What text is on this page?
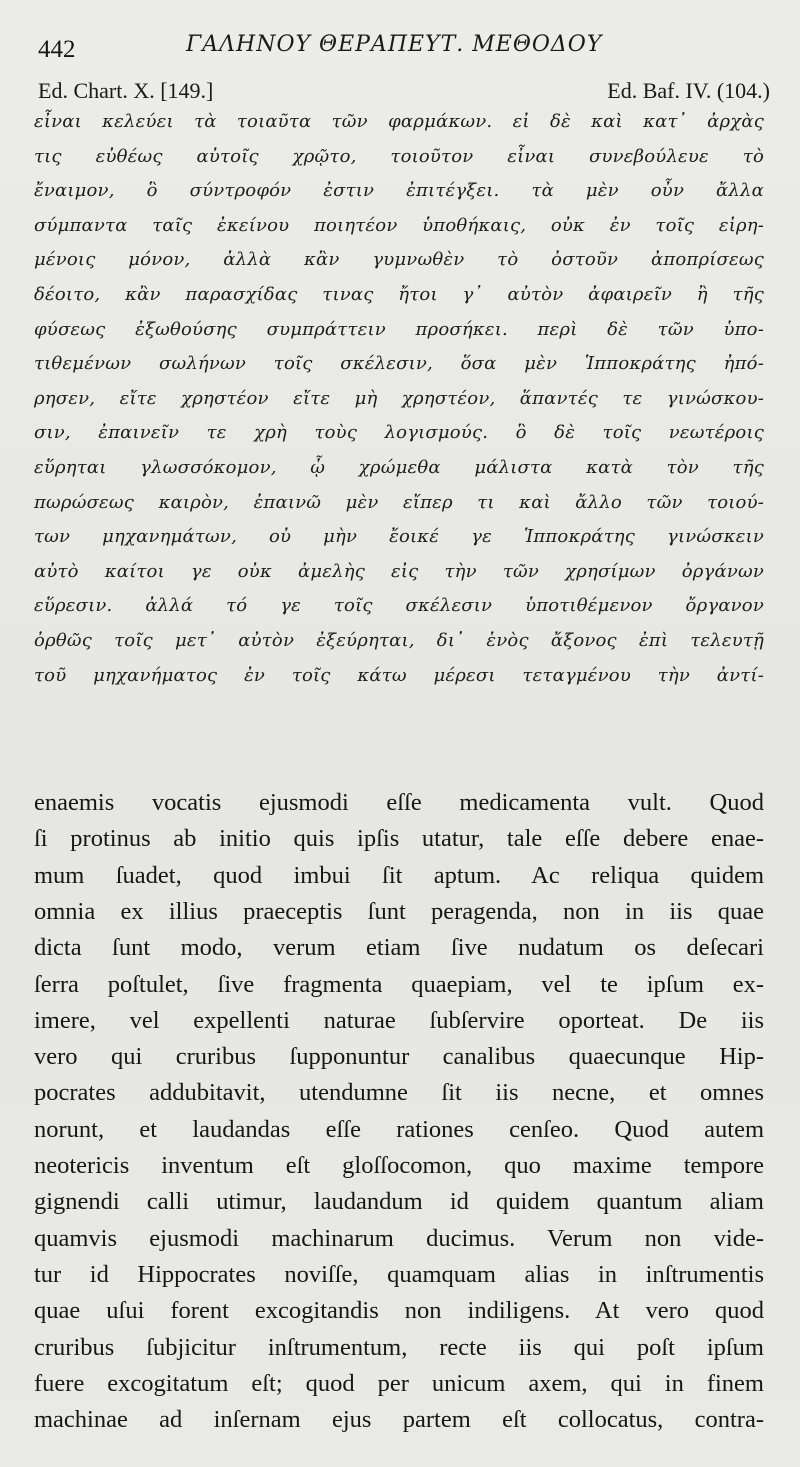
442	ΓΑΛΗΝΟΥ ΘΕΡΑΠΕΥΤ. ΜΕΘΟΔΟΥ
Ed. Chart. X. [149.]	Ed. Baf. IV. (104.)
εἶναι κελεύει τὰ τοιαῦτα τῶν φαρμάκων. εἰ δὲ καὶ κατ᾽ ἀρχὰς
τις εὐθέως αὐτοῖς χρῷτο, τοιοῦτον εἶναι συνεβούλευε τὸ
ἔναιμον, ὃ σύντροφόν ἐστιν ἐπιτέγξει. τὰ μὲν οὖν ἄλλα
σύμπαντα ταῖς ἐκείνου ποιητέον ὑποθήκαις, οὐκ ἐν τοῖς εἰρη-
μένοις μόνον, ἀλλὰ κἂν γυμνωθὲν τὸ ὀστοῦν ἀποπρίσεως
δέοιτο, κἂν παρασχίδας τινας ἤτοι γ᾽ αὐτὸν ἀφαιρεῖν ἢ τῆς
φύσεως ἐξωθούσης συμπράττειν προσήκει. περὶ δὲ τῶν ὑπο-
τιθεμένων σωλήνων τοῖς σκέλεσιν, ὅσα μὲν Ἱπποκράτης ἠπό-
ρησεν, εἴτε χρηστέον εἴτε μὴ χρηστέον, ἅπαντές τε γινώσκου-
σιν, ἐπαινεῖν τε χρὴ τοὺς λογισμούς. ὃ δὲ τοῖς νεωτέροις
εὕρηται γλωσσόκομον, ᾧ χρώμεθα μάλιστα κατὰ τὸν τῆς
πωρώσεως καιρὸν, ἐπαινῶ μὲν εἴπερ τι καὶ ἄλλο τῶν τοιού-
των μηχανημάτων, οὐ μὴν ἔοικέ γε Ἱπποκράτης γινώσκειν
αὐτὸ καίτοι γε οὐκ ἀμελὴς εἰς τὴν τῶν χρησίμων ὀργάνων
εὕρεσιν. ἀλλά τό γε τοῖς σκέλεσιν ὑποτιθέμενον ὄργανον
ὀρθῶς τοῖς μετ᾽ αὐτὸν ἐξεύρηται, δι᾽ ἑνὸς ἄξονος ἐπὶ τελευτῇ
τοῦ μηχανήματος ἐν τοῖς κάτω μέρεσι τεταγμένου τὴν ἀντί-
enaemis vocatis ejusmodi eſſe medicamenta vult. Quod
ſi protinus ab initio quis ipſis utatur, tale eſſe debere enae-
mum ſuadet, quod imbui ſit aptum. Ac reliqua quidem
omnia ex illius praeceptis ſunt peragenda, non in iis quae
dicta ſunt modo, verum etiam ſive nudatum os deſecari
ſerra poſtulet, ſive fragmenta quaepiam, vel te ipſum ex-
imere, vel expellenti naturae ſubſervire oporteat. De iis
vero qui cruribus ſupponuntur canalibus quaecunque Hip-
pocrates addubitavit, utendumne ſit iis necne, et omnes
norunt, et laudandas eſſe rationes cenſeo. Quod autem
neotericis inventum eſt gloſſocomon, quo maxime tempore
gignendi calli utimur, laudandum id quidem quantum aliam
quamvis ejusmodi machinarum ducimus. Verum non vide-
tur id Hippocrates noviſſe, quamquam alias in inſtrumentis
quae uſui forent excogitandis non indiligens. At vero quod
cruribus ſubjicitur inſtrumentum, recte iis qui poſt ipſum
fuere excogitatum eſt; quod per unicum axem, qui in finem
machinae ad inſernam ejus partem eſt collocatus, contra-
